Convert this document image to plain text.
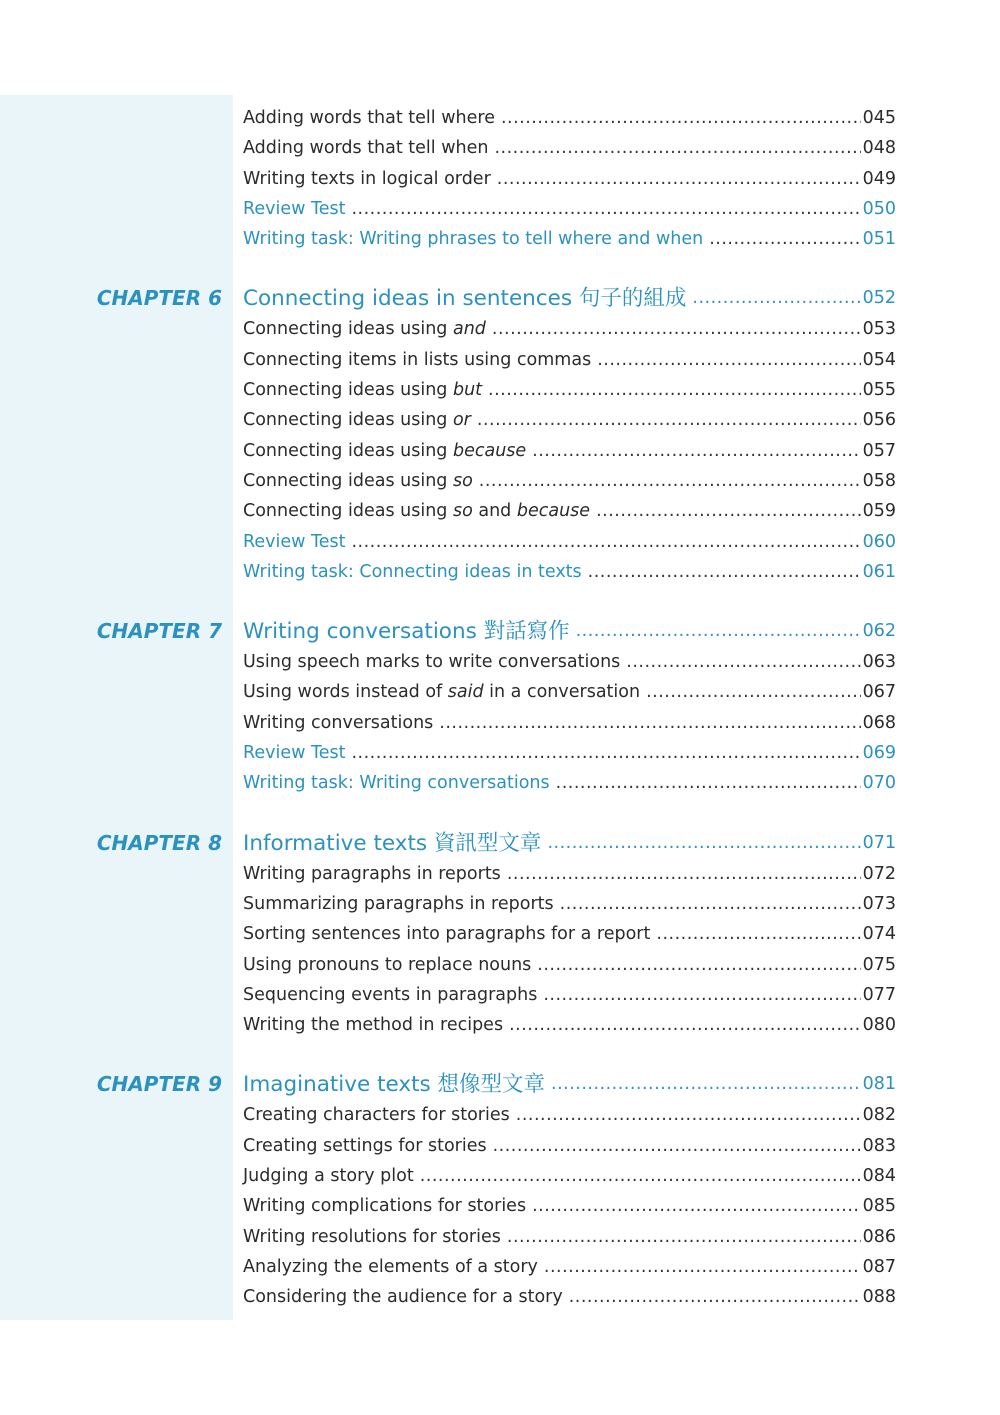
Adding words that tell where .....	045
Adding words that tell when .....	048
Writing texts in logical order .....	049
Review Test .....	050
Writing task: Writing phrases to tell where and when .....	051
CHAPTER 6 Connecting ideas in sentences 句子的組成 .....	052
Connecting ideas using and .....	053
Connecting items in lists using commas .....	054
Connecting ideas using but .....	055
Connecting ideas using or .....	056
Connecting ideas using because .....	057
Connecting ideas using so .....	058
Connecting ideas using so and because .....	059
Review Test .....	060
Writing task: Connecting ideas in texts .....	061
CHAPTER 7 Writing conversations 對話寫作 .....	062
Using speech marks to write conversations .....	063
Using words instead of said in a conversation .....	067
Writing conversations .....	068
Review Test .....	069
Writing task: Writing conversations .....	070
CHAPTER 8 Informative texts 資訊型文章 .....	071
Writing paragraphs in reports .....	072
Summarizing paragraphs in reports .....	073
Sorting sentences into paragraphs for a report .....	074
Using pronouns to replace nouns .....	075
Sequencing events in paragraphs .....	077
Writing the method in recipes .....	080
CHAPTER 9 Imaginative texts 想像型文章 .....	081
Creating characters for stories .....	082
Creating settings for stories .....	083
Judging a story plot .....	084
Writing complications for stories .....	085
Writing resolutions for stories .....	086
Analyzing the elements of a story .....	087
Considering the audience for a story .....	088
